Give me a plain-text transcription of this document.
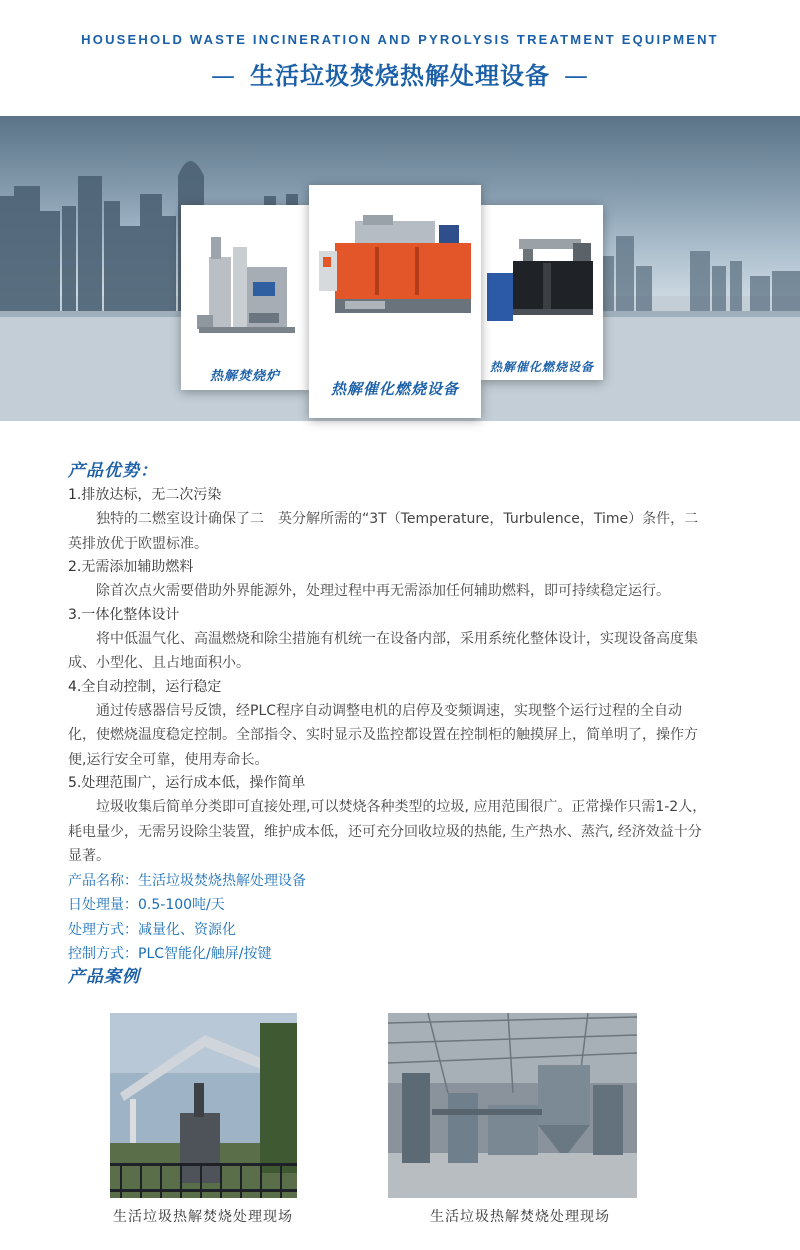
HOUSEHOLD WASTE INCINERATION AND PYROLYSIS TREATMENT EQUIPMENT
— 生活垃圾焚烧热解处理设备 —
热解焚烧炉
热解催化燃烧设备
热解催化燃烧设备
产品优势：
1.排放达标，无二次污染
独特的二燃室设计确保了二　英分解所需的“3T（Temperature，Turbulence，Time）条件，二　英排放优于欧盟标准。
2.无需添加辅助燃料
除首次点火需要借助外界能源外，处理过程中再无需添加任何辅助燃料，即可持续稳定运行。
3.一体化整体设计
将中低温气化、高温燃烧和除尘措施有机统一在设备内部，采用系统化整体设计，实现设备高度集成、小型化、且占地面积小。
4.全自动控制，运行稳定
通过传感器信号反馈，经PLC程序自动调整电机的启停及变频调速，实现整个运行过程的全自动化，使燃烧温度稳定控制。全部指令、实时显示及监控都设置在控制柜的触摸屏上，简单明了，操作方便,运行安全可靠，使用寿命长。
5.处理范围广，运行成本低，操作简单
垃圾收集后简单分类即可直接处理,可以焚烧各种类型的垃圾, 应用范围很广。正常操作只需1-2人，耗电量少，无需另设除尘装置，维护成本低，还可充分回收垃圾的热能, 生产热水、蒸汽, 经济效益十分显著。
产品名称：生活垃圾焚烧热解处理设备
日处理量：0.5-100吨/天
处理方式：减量化、资源化
控制方式：PLC智能化/触屏/按键
产品案例
生活垃圾热解焚烧处理现场	生活垃圾热解焚烧处理现场
